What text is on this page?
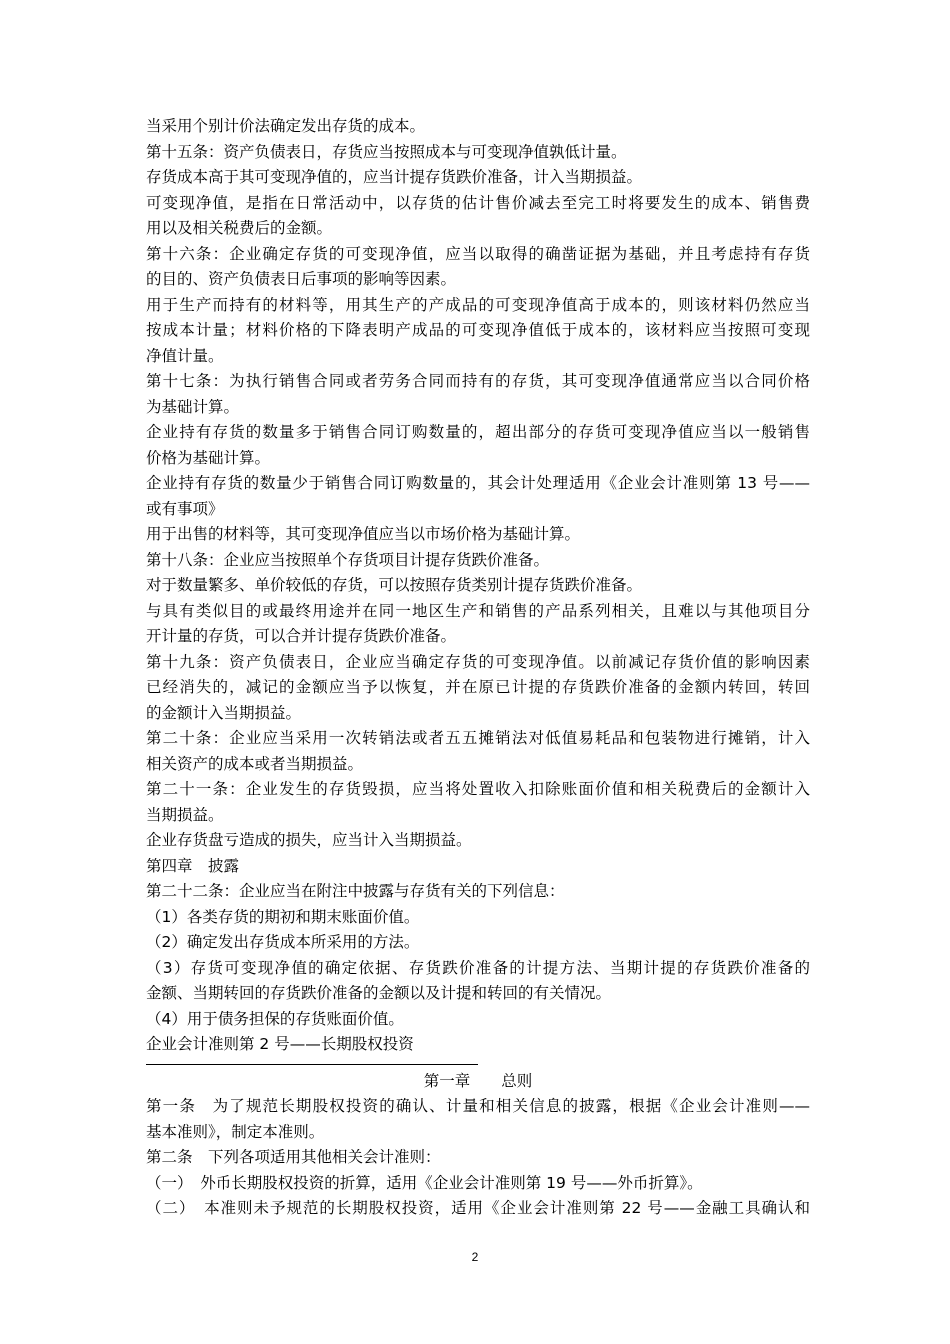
当采用个别计价法确定发出存货的成本。
第十五条：资产负债表日，存货应当按照成本与可变现净值孰低计量。
存货成本高于其可变现净值的，应当计提存货跌价准备，计入当期损益。
可变现净值，是指在日常活动中，以存货的估计售价减去至完工时将要发生的成本、销售费
用以及相关税费后的金额。
第十六条：企业确定存货的可变现净值，应当以取得的确凿证据为基础，并且考虑持有存货
的目的、资产负债表日后事项的影响等因素。
用于生产而持有的材料等，用其生产的产成品的可变现净值高于成本的，则该材料仍然应当
按成本计量；材料价格的下降表明产成品的可变现净值低于成本的，该材料应当按照可变现
净值计量。
第十七条：为执行销售合同或者劳务合同而持有的存货，其可变现净值通常应当以合同价格
为基础计算。
企业持有存货的数量多于销售合同订购数量的，超出部分的存货可变现净值应当以一般销售
价格为基础计算。
企业持有存货的数量少于销售合同订购数量的，其会计处理适用《企业会计准则第 13 号——
或有事项》
用于出售的材料等，其可变现净值应当以市场价格为基础计算。
第十八条：企业应当按照单个存货项目计提存货跌价准备。
对于数量繁多、单价较低的存货，可以按照存货类别计提存货跌价准备。
与具有类似目的或最终用途并在同一地区生产和销售的产品系列相关，且难以与其他项目分
开计量的存货，可以合并计提存货跌价准备。
第十九条：资产负债表日，企业应当确定存货的可变现净值。以前减记存货价值的影响因素
已经消失的，减记的金额应当予以恢复，并在原已计提的存货跌价准备的金额内转回，转回
的金额计入当期损益。
第二十条：企业应当采用一次转销法或者五五摊销法对低值易耗品和包装物进行摊销，计入
相关资产的成本或者当期损益。
第二十一条：企业发生的存货毁损，应当将处置收入扣除账面价值和相关税费后的金额计入
当期损益。
企业存货盘亏造成的损失，应当计入当期损益。
第四章　披露
第二十二条：企业应当在附注中披露与存货有关的下列信息：
（1）各类存货的期初和期末账面价值。
（2）确定发出存货成本所采用的方法。
（3）存货可变现净值的确定依据、存货跌价准备的计提方法、当期计提的存货跌价准备的
金额、当期转回的存货跌价准备的金额以及计提和转回的有关情况。
（4）用于债务担保的存货账面价值。
企业会计准则第 2 号——长期股权投资
第一章　　总则
第一条　为了规范长期股权投资的确认、计量和相关信息的披露，根据《企业会计准则——
基本准则》，制定本准则。
第二条　下列各项适用其他相关会计准则：
（一）　外币长期股权投资的折算，适用《企业会计准则第 19 号——外币折算》。
（二）　本准则未予规范的长期股权投资，适用《企业会计准则第 22 号——金融工具确认和
2
